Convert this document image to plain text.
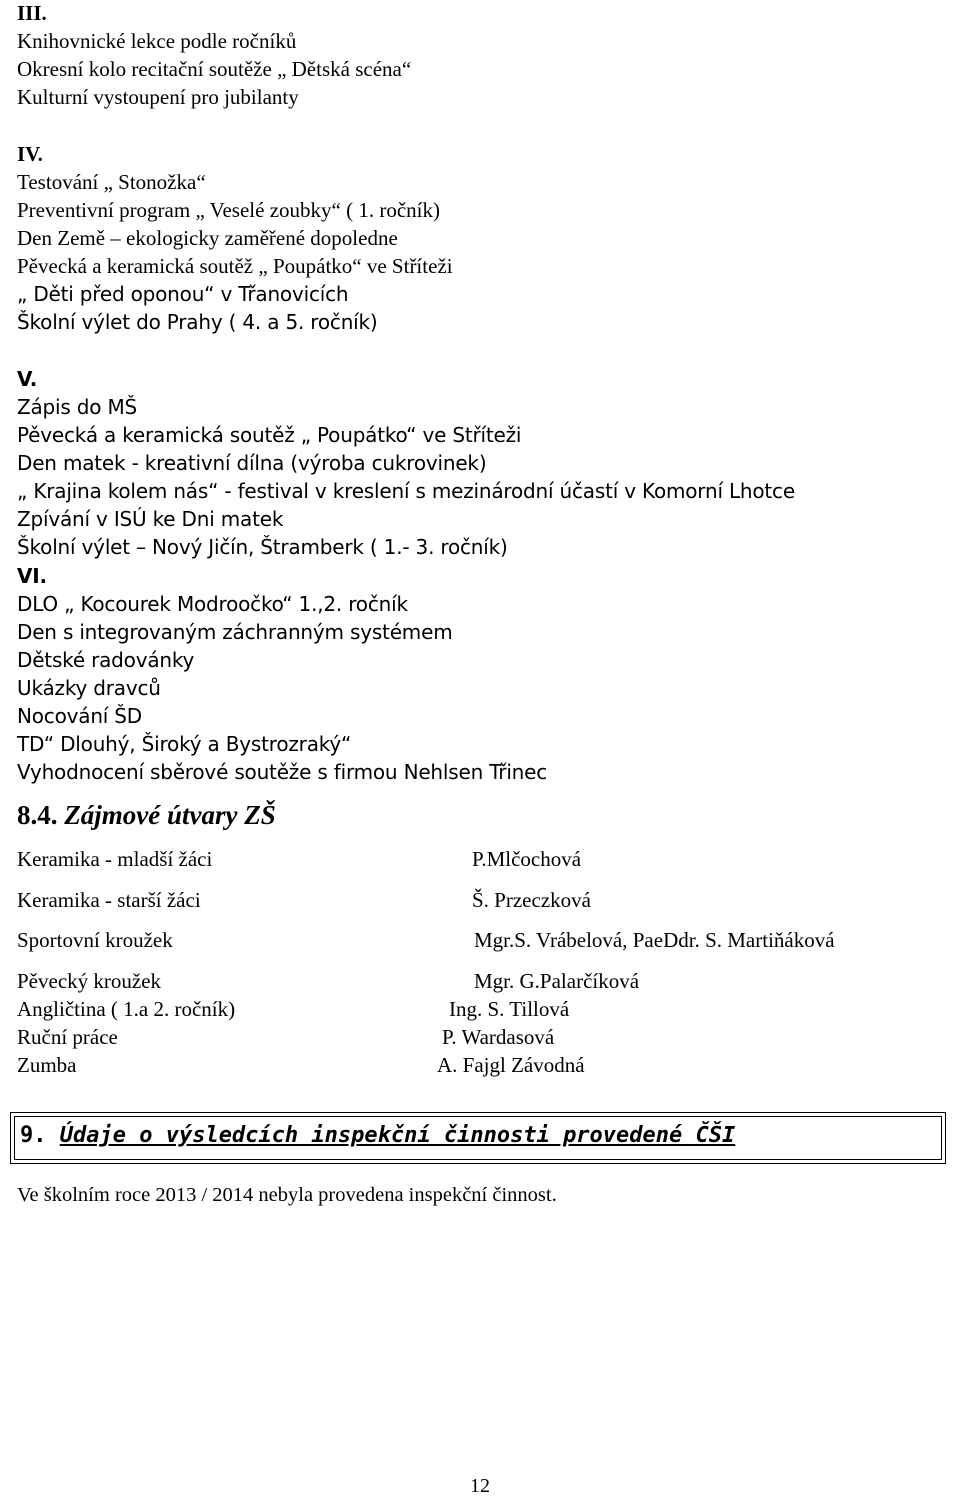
III.
Knihovnické lekce podle ročníků
Okresní kolo recitační soutěže „ Dětská scéna“
Kulturní vystoupení pro jubilanty
IV.
Testování „ Stonožka“
Preventivní program „ Veselé zoubky“ ( 1. ročník)
Den Země – ekologicky zaměřené dopoledne
Pěvecká a keramická soutěž „ Poupátko“ ve Stříteži
„ Děti před oponou“ v Třanovicích
Školní výlet do Prahy ( 4. a 5. ročník)
V.
Zápis do MŠ
Pěvecká a keramická soutěž „ Poupátko“ ve Stříteži
Den matek - kreativní dílna (výroba cukrovinek)
„ Krajina kolem nás“ - festival v kreslení s mezinárodní účastí v Komorní Lhotce
Zpívání v ISÚ ke Dni matek
Školní výlet – Nový Jičín, Štramberk ( 1.- 3. ročník)
VI.
DLO „ Kocourek Modroočko“ 1.,2. ročník
Den s integrovaným záchranným systémem
Dětské radovánky
Ukázky dravců
Nocování ŠD
TD“ Dlouhý, Široký a Bystrozraký“
Vyhodnocení sběrové soutěže s firmou Nehlsen Třinec
8.4. Zájmové útvary ZŠ
Keramika - mladší žáci	P.Mlčochová
Keramika - starší žáci	Š. Przeczková
Sportovní kroužek	Mgr.S. Vrábelová, PaeDdr. S. Martiňáková
Pěvecký kroužek	Mgr. G.Palarčíková
Angličtina ( 1.a 2. ročník)	Ing. S. Tillová
Ruční práce	P. Wardasová
Zumba	A. Fajgl Závodná
9. Údaje o výsledcích inspekční činnosti provedené ČŠI
Ve školním roce 2013 / 2014 nebyla provedena inspekční činnost.
12
